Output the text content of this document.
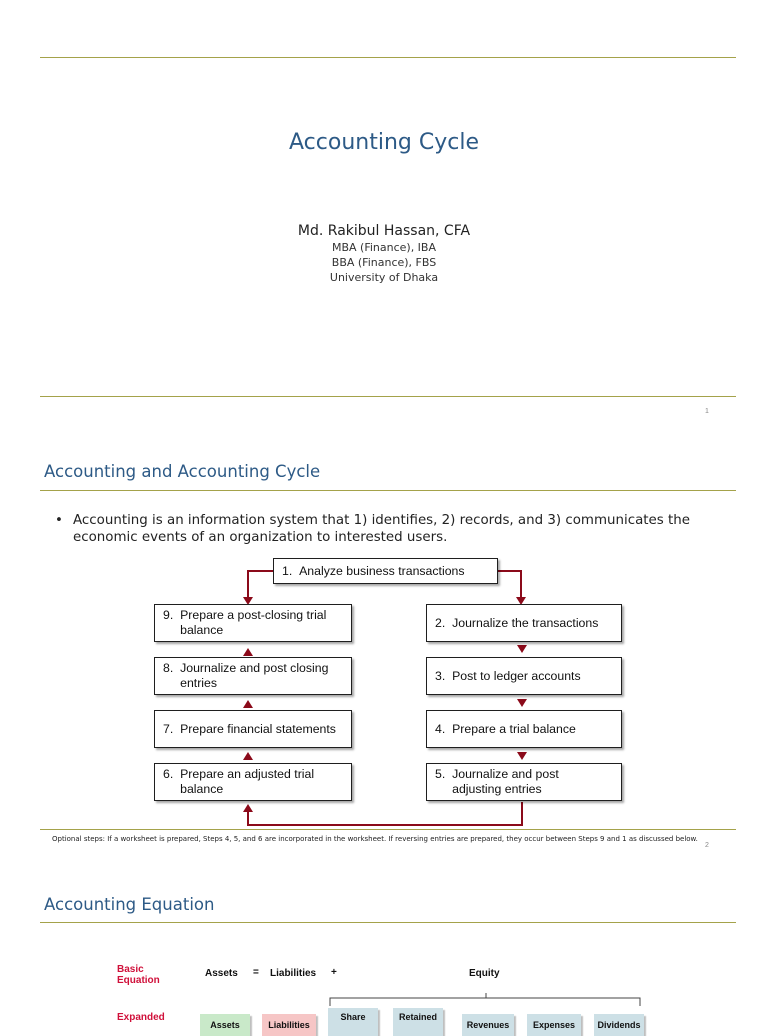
Accounting Cycle
Md. Rakibul Hassan, CFA
MBA (Finance), IBA
BBA (Finance), FBS
University of Dhaka
1
Accounting and Accounting Cycle
• Accounting is an information system that 1) identifies, 2) records, and 3) communicates the economic events of an organization to interested users.
1.
Analyze business transactions
2.
Journalize the transactions
3.
Post to ledger accounts
4.
Prepare a trial balance
5.
Journalize and post adjusting entries
6.
Prepare an adjusted trial balance
7.
Prepare financial statements
8.
Journalize and post closing entries
9.
Prepare a post-closing trial balance
Optional steps: If a worksheet is prepared, Steps 4, 5, and 6 are incorporated in the worksheet. If reversing entries are prepared, they occur between Steps 9 and 1 as discussed below.
2
Accounting Equation
Basic Equation
Assets = Liabilities +	Equity
Expanded
Assets	Liabilities
Share	Retained
Revenues	Expenses	Dividends
